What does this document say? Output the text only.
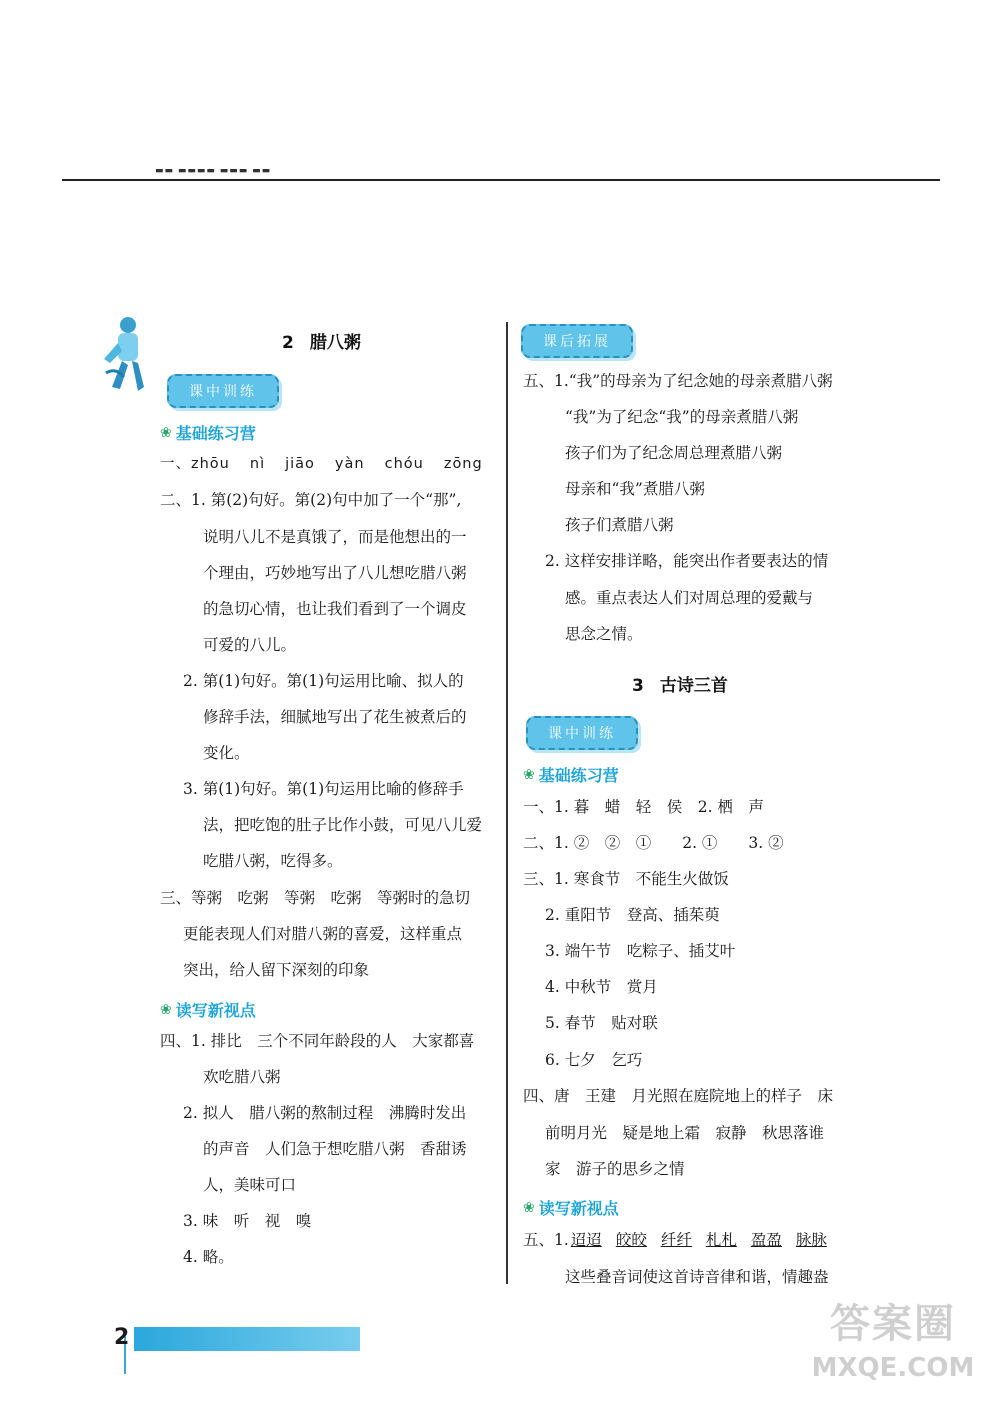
▬▬ ▬▬▬▬ ▬▬▬ ▬▬
2 腊八粥
课中训练
❀ 基础练习营
一、zhōu nì jiāo yàn chóu zōng
二、1. 第(2)句好。第(2)句中加了一个“那”,
说明八儿不是真饿了，而是他想出的一
个理由，巧妙地写出了八儿想吃腊八粥
的急切心情，也让我们看到了一个调皮
可爱的八儿。
2. 第(1)句好。第(1)句运用比喻、拟人的
修辞手法，细腻地写出了花生被煮后的
变化。
3. 第(1)句好。第(1)句运用比喻的修辞手
法，把吃饱的肚子比作小鼓，可见八儿爱
吃腊八粥，吃得多。
三、等粥　吃粥　等粥　吃粥　等粥时的急切
更能表现人们对腊八粥的喜爱，这样重点
突出，给人留下深刻的印象
❀ 读写新视点
四、1. 排比　三个不同年龄段的人　大家都喜
欢吃腊八粥
2. 拟人　腊八粥的熬制过程　沸腾时发出
的声音　人们急于想吃腊八粥　香甜诱
人，美味可口
3. 味　听　视　嗅
4. 略。
课后拓展
五、1.“我”的母亲为了纪念她的母亲煮腊八粥
“我”为了纪念“我”的母亲煮腊八粥
孩子们为了纪念周总理煮腊八粥
母亲和“我”煮腊八粥
孩子们煮腊八粥
2. 这样安排详略，能突出作者要表达的情
感。重点表达人们对周总理的爱戴与
思念之情。
3 古诗三首
课中训练
❀ 基础练习营
一、1. 暮　蜡　轻　侯　2. 栖　声
二、1. ②　②　①　　2. ①　　3. ②
三、1. 寒食节　不能生火做饭
2. 重阳节　登高、插茱萸
3. 端午节　吃粽子、插艾叶
4. 中秋节　赏月
5. 春节　贴对联
6. 七夕　乞巧
四、唐　王建　月光照在庭院地上的样子　床
前明月光　疑是地上霜　寂静　秋思落谁
家　游子的思乡之情
❀ 读写新视点
五、1. 迢迢 皎皎 纤纤 札札 盈盈 脉脉
这些叠音词使这首诗音律和谐，情趣盎
2	答案圈
MXQE.COM
